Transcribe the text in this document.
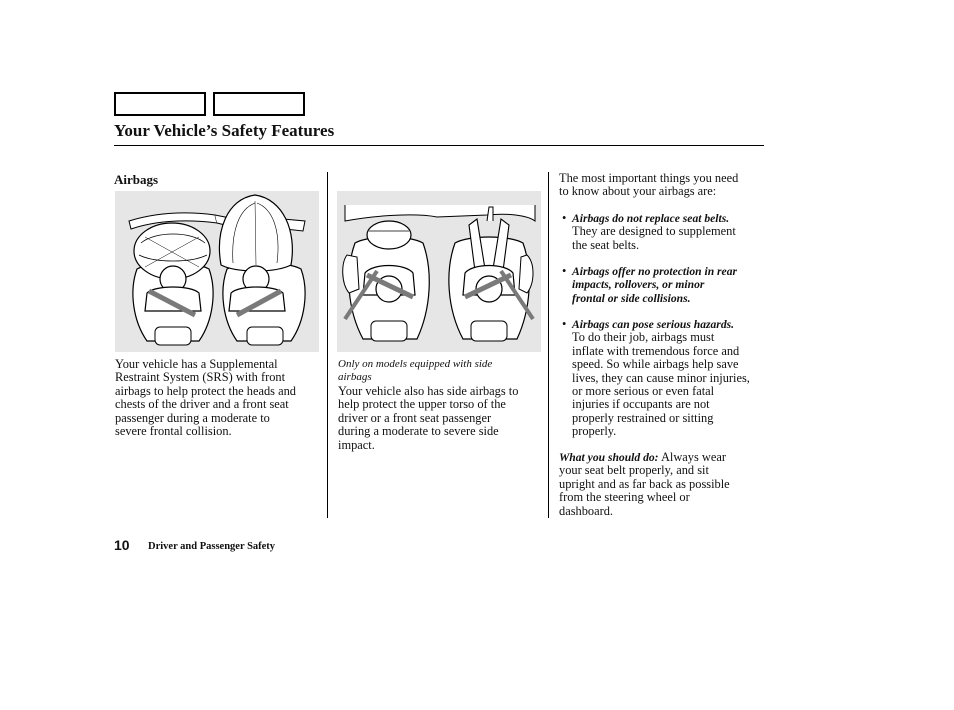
Your Vehicle’s Safety Features
Airbags
Your vehicle has a Supplemental
Restraint System (SRS) with front
airbags to help protect the heads and
chests of the driver and a front seat
passenger during a moderate to
severe frontal collision.
Only on models equipped with side
airbags
Your vehicle also has side airbags to
help protect the upper torso of the
driver or a front seat passenger
during a moderate to severe side
impact.
The most important things you need
to know about your airbags are:
• Airbags do not replace seat belts.
They are designed to supplement
the seat belts.
• Airbags offer no protection in rear
impacts, rollovers, or minor
frontal or side collisions.
• Airbags can pose serious hazards.
To do their job, airbags must
inflate with tremendous force and
speed. So while airbags help save
lives, they can cause minor injuries,
or more serious or even fatal
injuries if occupants are not
properly restrained or sitting
properly.
What you should do: Always wear
your seat belt properly, and sit
upright and as far back as possible
from the steering wheel or
dashboard.
10 Driver and Passenger Safety
